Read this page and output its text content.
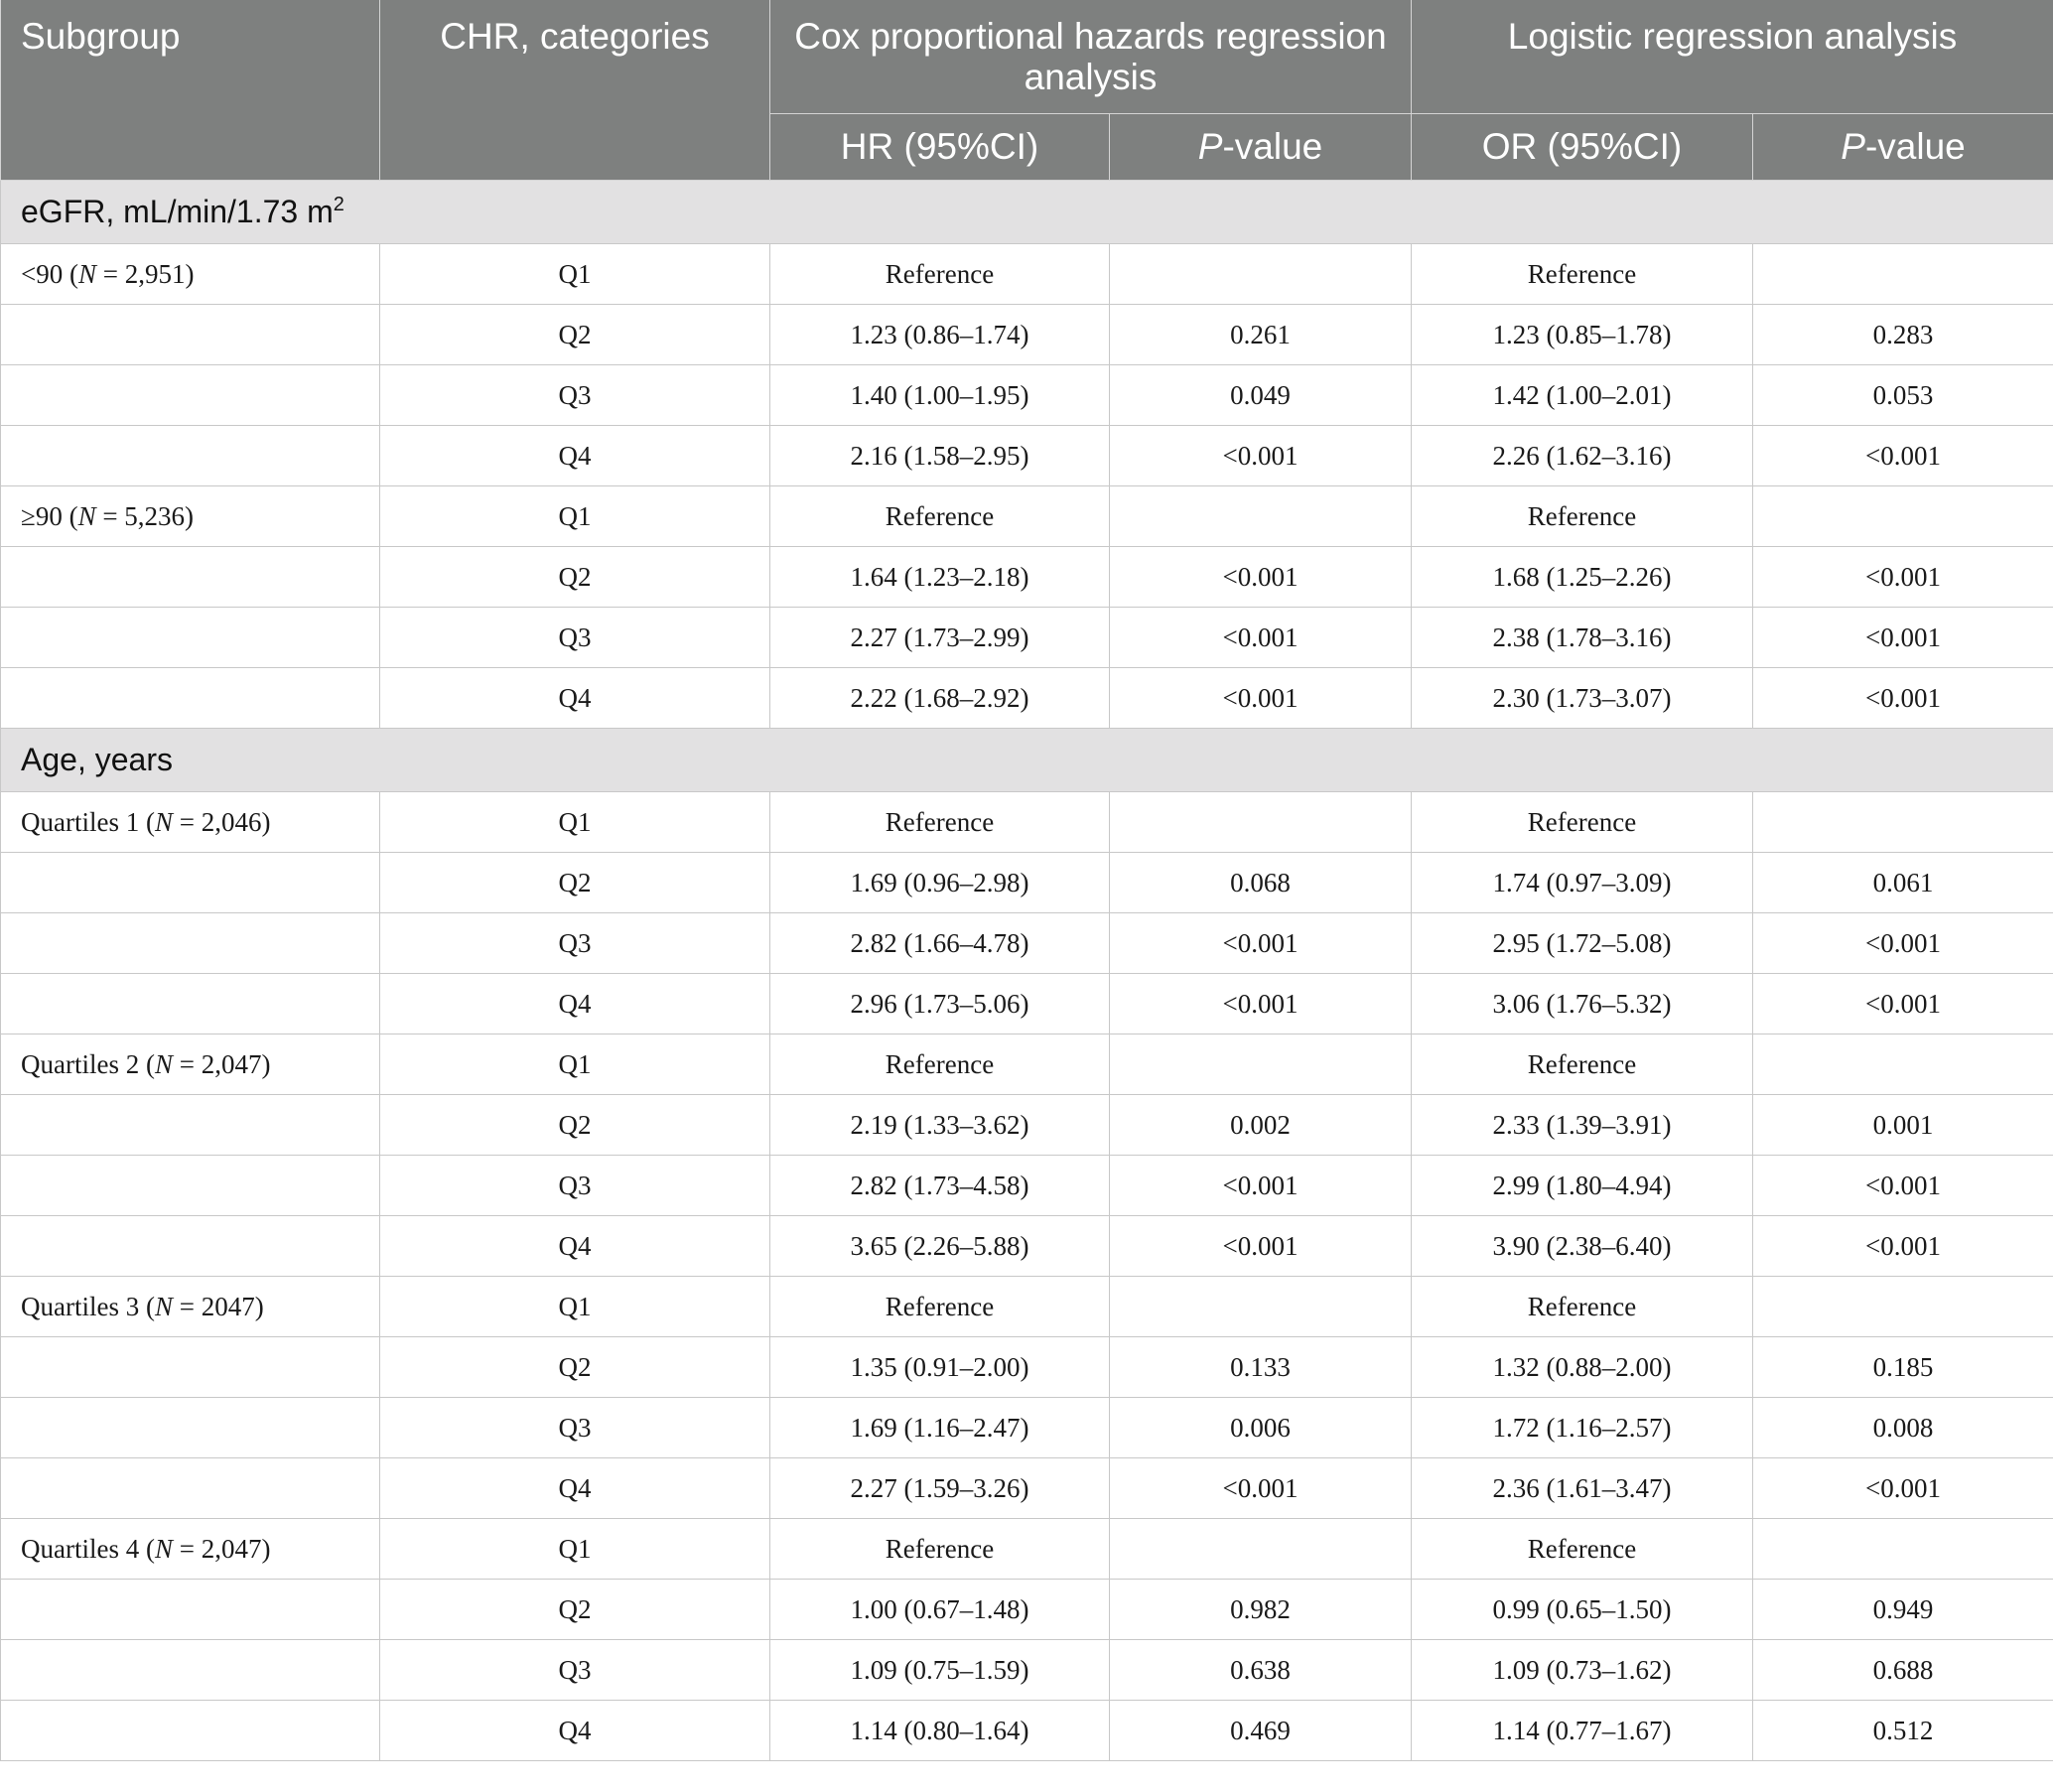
Subgroup	CHR, categories	Cox proportional hazards regression analysis		Logistic regression analysis	
		HR (95%CI)	P-value	OR (95%CI)	P-value
eGFR, mL/min/1.73 $m^2$
<90 (N = 2,951)	Q1	Reference		Reference	
	Q2	1.23 (0.86–1.74)	0.261	1.23 (0.85–1.78)	0.283
	Q3	1.40 (1.00–1.95)	0.049	1.42 (1.00–2.01)	0.053
	Q4	2.16 (1.58–2.95)	<0.001	2.26 (1.62–3.16)	<0.001
≥90 (N = 5,236)	Q1	Reference		Reference	
	Q2	1.64 (1.23–2.18)	<0.001	1.68 (1.25–2.26)	<0.001
	Q3	2.27 (1.73–2.99)	<0.001	2.38 (1.78–3.16)	<0.001
	Q4	2.22 (1.68–2.92)	<0.001	2.30 (1.73–3.07)	<0.001
Age, years					
Quartiles 1 (N = 2,046)	Q1	Reference		Reference	
	Q2	1.69 (0.96–2.98)	0.068	1.74 (0.97–3.09)	0.061
	Q3	2.82 (1.66–4.78)	<0.001	2.95 (1.72–5.08)	<0.001
	Q4	2.96 (1.73–5.06)	<0.001	3.06 (1.76–5.32)	<0.001
Quartiles 2 (N = 2,047)	Q1	Reference		Reference	
	Q2	2.19 (1.33–3.62)	0.002	2.33 (1.39–3.91)	0.001
	Q3	2.82 (1.73–4.58)	<0.001	2.99 (1.80–4.94)	<0.001
	Q4	3.65 (2.26–5.88)	<0.001	3.90 (2.38–6.40)	<0.001
Quartiles 3 (N = 2047)	Q1	Reference		Reference	
	Q2	1.35 (0.91–2.00)	0.133	1.32 (0.88–2.00)	0.185
	Q3	1.69 (1.16–2.47)	0.006	1.72 (1.16–2.57)	0.008
	Q4	2.27 (1.59–3.26)	<0.001	2.36 (1.61–3.47)	<0.001
Quartiles 4 (N = 2,047)	Q1	Reference		Reference	
	Q2	1.00 (0.67–1.48)	0.982	0.99 (0.65–1.50)	0.949
	Q3	1.09 (0.75–1.59)	0.638	1.09 (0.73–1.62)	0.688
	Q4	1.14 (0.80–1.64)	0.469	1.14 (0.77–1.67)	0.512
